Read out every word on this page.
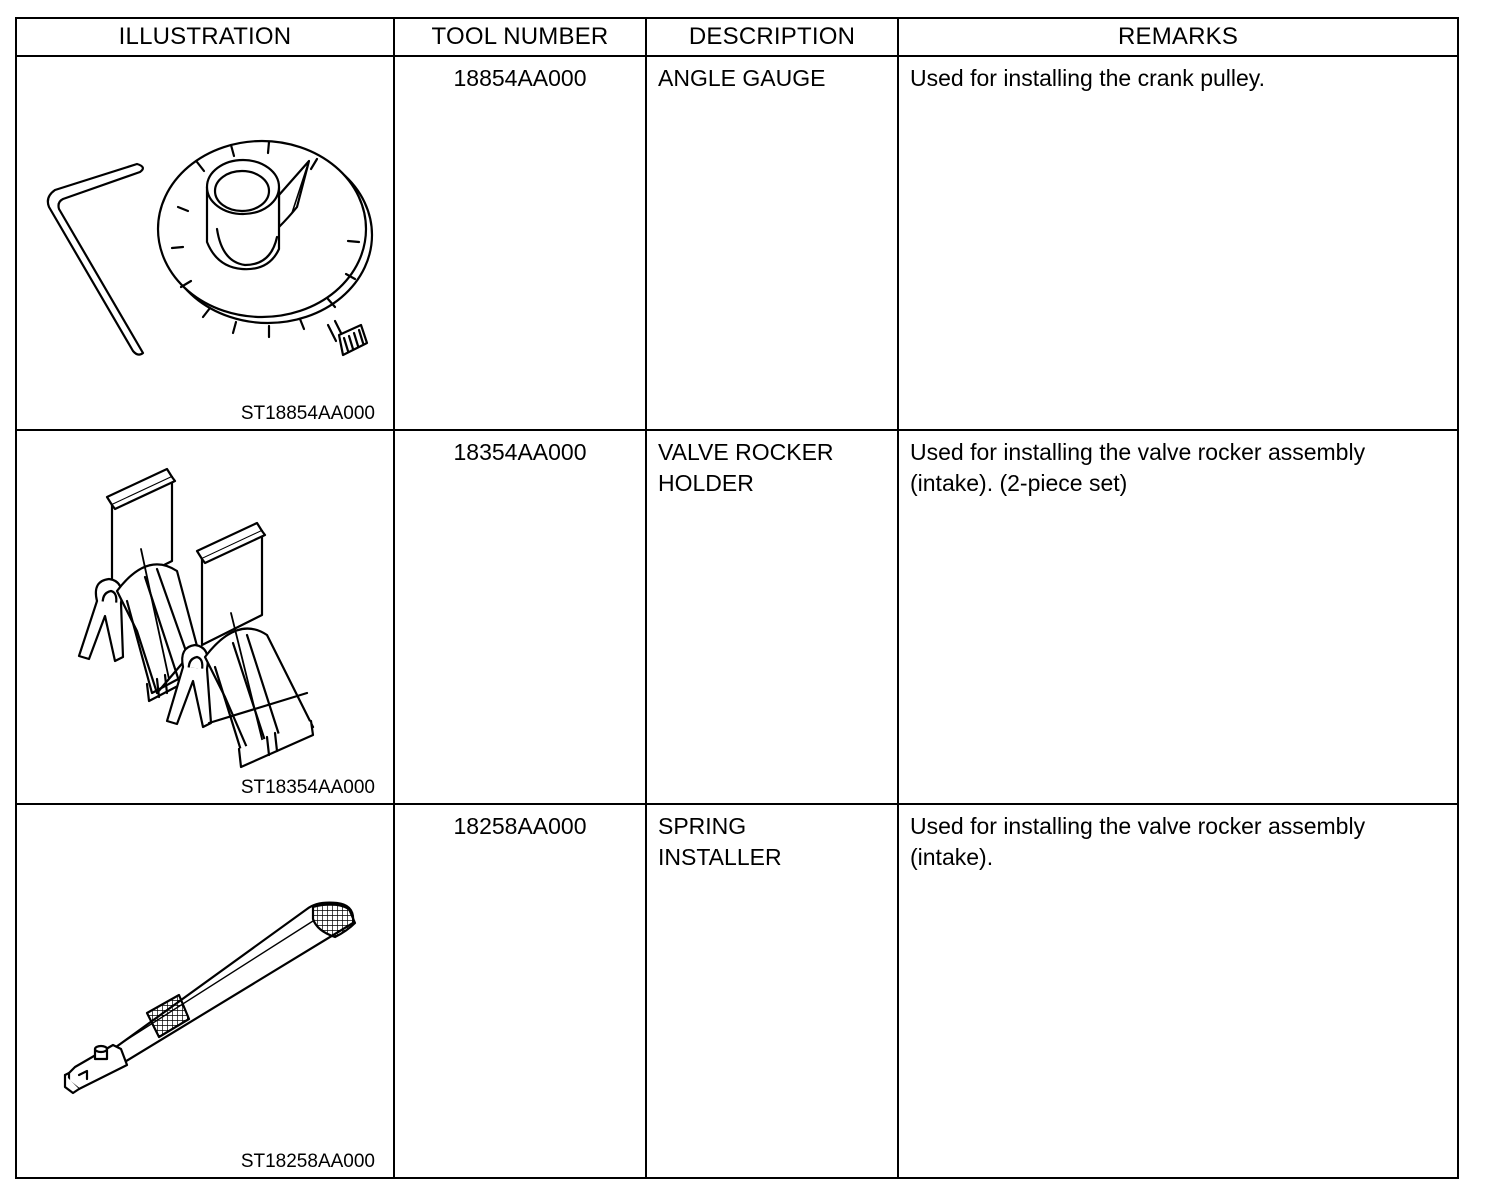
ILLUSTRATION	TOOL NUMBER	DESCRIPTION	REMARKS

ST18854AA000	18854AA000	ANGLE GAUGE	Used for installing the crank pulley.

ST18354AA000	18354AA000	VALVE ROCKER
HOLDER	Used for installing the valve rocker assembly
(intake). (2-piece set)

ST18258AA000	18258AA000	SPRING
INSTALLER	Used for installing the valve rocker assembly
(intake).
